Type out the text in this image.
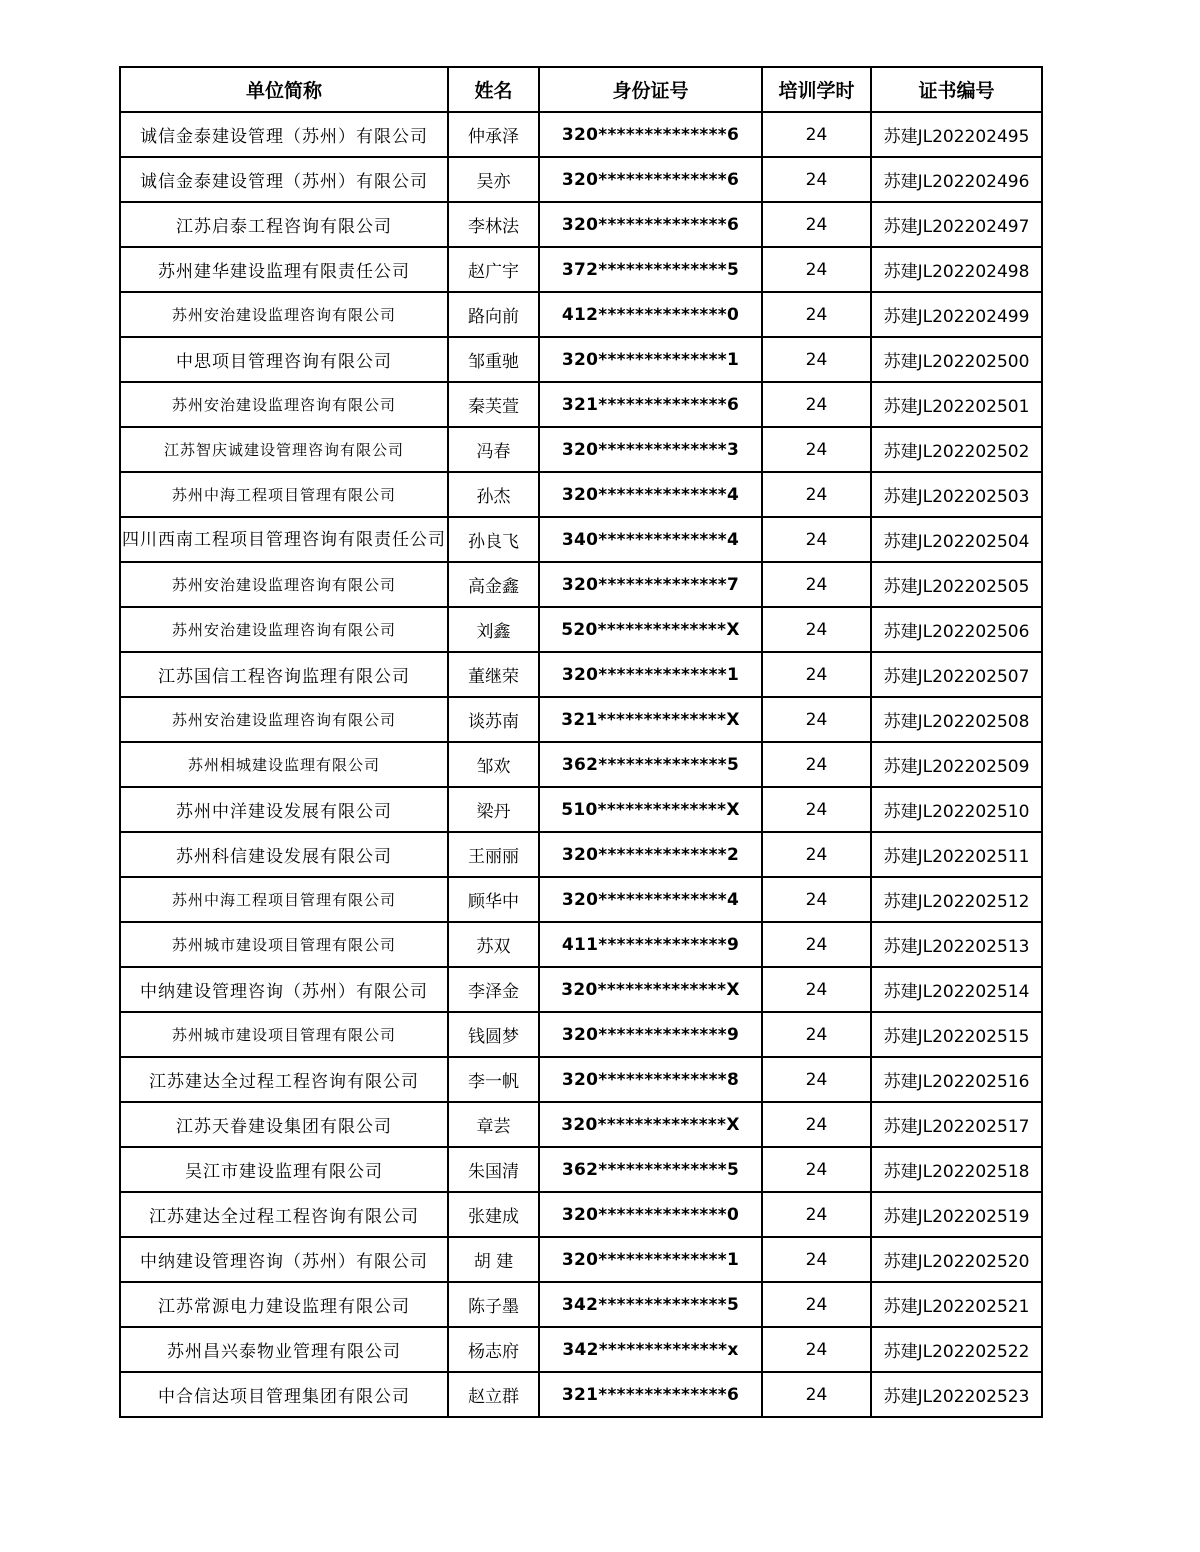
单位简称	姓名	身份证号	培训学时	证书编号
诚信金泰建设管理（苏州）有限公司	仲承泽	320**************6	24	苏建JL202202495
诚信金泰建设管理（苏州）有限公司	吴亦	320**************6	24	苏建JL202202496
江苏启泰工程咨询有限公司	李林法	320**************6	24	苏建JL202202497
苏州建华建设监理有限责任公司	赵广宇	372**************5	24	苏建JL202202498
苏州安治建设监理咨询有限公司	路向前	412**************0	24	苏建JL202202499
中思项目管理咨询有限公司	邹重驰	320**************1	24	苏建JL202202500
苏州安治建设监理咨询有限公司	秦芙萱	321**************6	24	苏建JL202202501
江苏智庆诚建设管理咨询有限公司	冯春	320**************3	24	苏建JL202202502
苏州中海工程项目管理有限公司	孙杰	320**************4	24	苏建JL202202503
四川西南工程项目管理咨询有限责任公司	孙良飞	340**************4	24	苏建JL202202504
苏州安治建设监理咨询有限公司	高金鑫	320**************7	24	苏建JL202202505
苏州安治建设监理咨询有限公司	刘鑫	520**************X	24	苏建JL202202506
江苏国信工程咨询监理有限公司	董继荣	320**************1	24	苏建JL202202507
苏州安治建设监理咨询有限公司	谈苏南	321**************X	24	苏建JL202202508
苏州相城建设监理有限公司	邹欢	362**************5	24	苏建JL202202509
苏州中洋建设发展有限公司	梁丹	510**************X	24	苏建JL202202510
苏州科信建设发展有限公司	王丽丽	320**************2	24	苏建JL202202511
苏州中海工程项目管理有限公司	顾华中	320**************4	24	苏建JL202202512
苏州城市建设项目管理有限公司	苏双	411**************9	24	苏建JL202202513
中纳建设管理咨询（苏州）有限公司	李泽金	320**************X	24	苏建JL202202514
苏州城市建设项目管理有限公司	钱圆梦	320**************9	24	苏建JL202202515
江苏建达全过程工程咨询有限公司	李一帆	320**************8	24	苏建JL202202516
江苏天眷建设集团有限公司	章芸	320**************X	24	苏建JL202202517
吴江市建设监理有限公司	朱国清	362**************5	24	苏建JL202202518
江苏建达全过程工程咨询有限公司	张建成	320**************0	24	苏建JL202202519
中纳建设管理咨询（苏州）有限公司	胡 建	320**************1	24	苏建JL202202520
江苏常源电力建设监理有限公司	陈子墨	342**************5	24	苏建JL202202521
苏州昌兴泰物业管理有限公司	杨志府	342**************x	24	苏建JL202202522
中合信达项目管理集团有限公司	赵立群	321**************6	24	苏建JL202202523
